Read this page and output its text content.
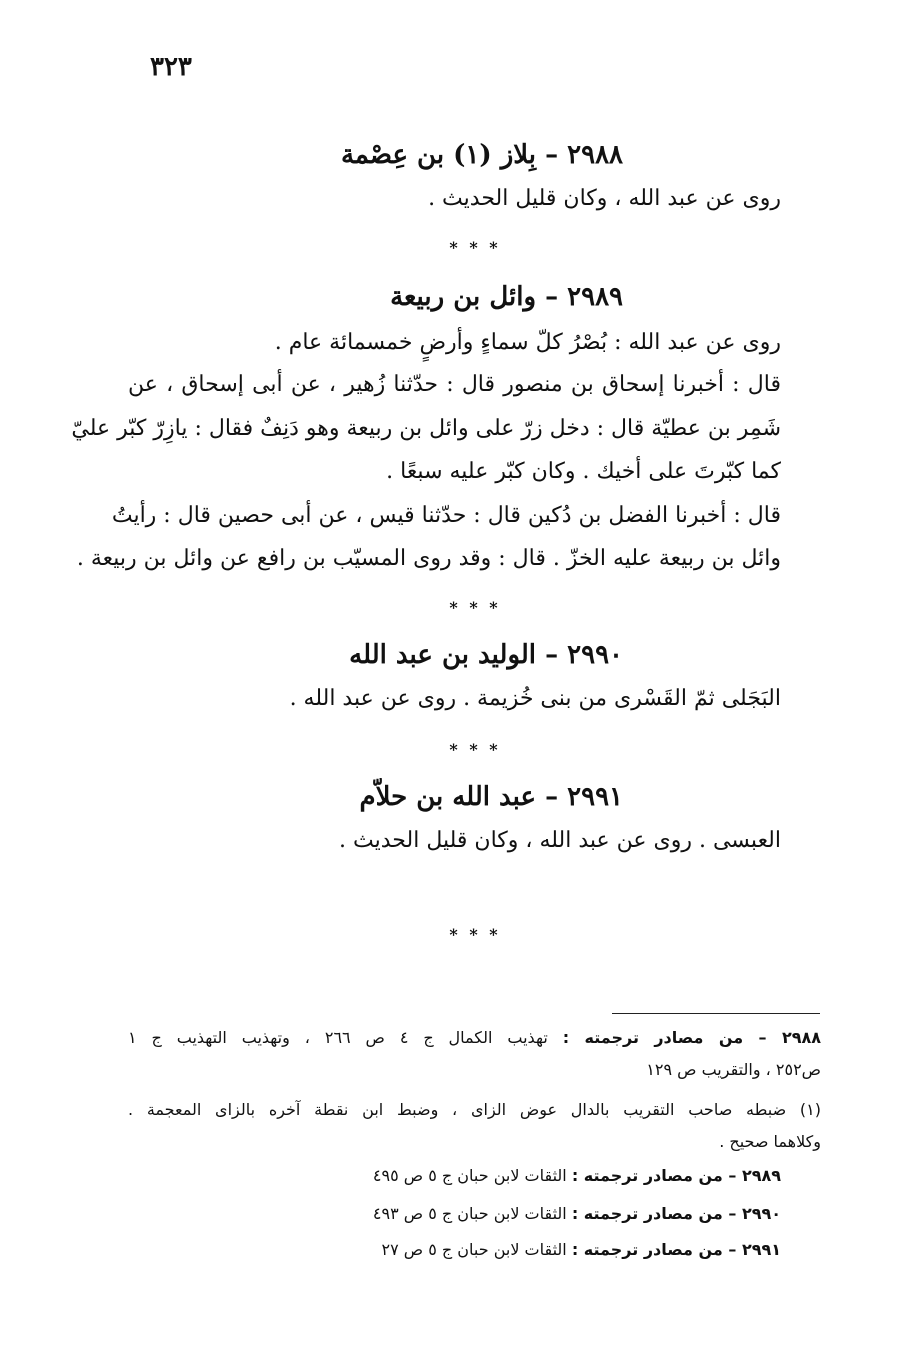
٣٢٣
٢٩٨٨ – بِلاز (١) بن عِصْمة
روى عن عبد الله ، وكان قليل الحديث .
* * *
٢٩٨٩ – وائل بن ربيعة
روى عن عبد الله : بُصْرُ كلّ سماءٍ وأرضٍ خمسمائة عام .
قال : أخبرنا إسحاق بن منصور قال : حدّثنا زُهير ، عن أبى إسحاق ، عن
شَمِر بن عطيّة قال : دخل زرّ على وائل بن ربيعة وهو دَنِفٌ فقال : يازِرّ كبّر عليّ
كما كبّرتَ على أخيك . وكان كبّر عليه سبعًا .
قال : أخبرنا الفضل بن دُكين قال : حدّثنا قيس ، عن أبى حصين قال : رأيتُ
وائل بن ربيعة عليه الخزّ . قال : وقد روى المسيّب بن رافع عن وائل بن ربيعة .
* * *
٢٩٩٠ – الوليد بن عبد الله
البَجَلى ثمّ القَسْرى من بنى خُزيمة . روى عن عبد الله .
* * *
٢٩٩١ – عبد الله بن حلاّم
العبسى . روى عن عبد الله ، وكان قليل الحديث .
* * *
٢٩٨٨ – من مصادر ترجمته : تهذيب الكمال ج ٤ ص ٢٦٦ ، وتهذيب التهذيب ج ١
ص٢٥٢ ، والتقريب ص ١٢٩
(١) ضبطه صاحب التقريب بالدال عوض الزاى ، وضبط ابن نقطة آخره بالزاى المعجمة .
وكلاهما صحيح .
٢٩٨٩ – من مصادر ترجمته : الثقات لابن حبان ج ٥ ص ٤٩٥
٢٩٩٠ – من مصادر ترجمته : الثقات لابن حبان ج ٥ ص ٤٩٣
٢٩٩١ – من مصادر ترجمته : الثقات لابن حبان ج ٥ ص ٢٧
